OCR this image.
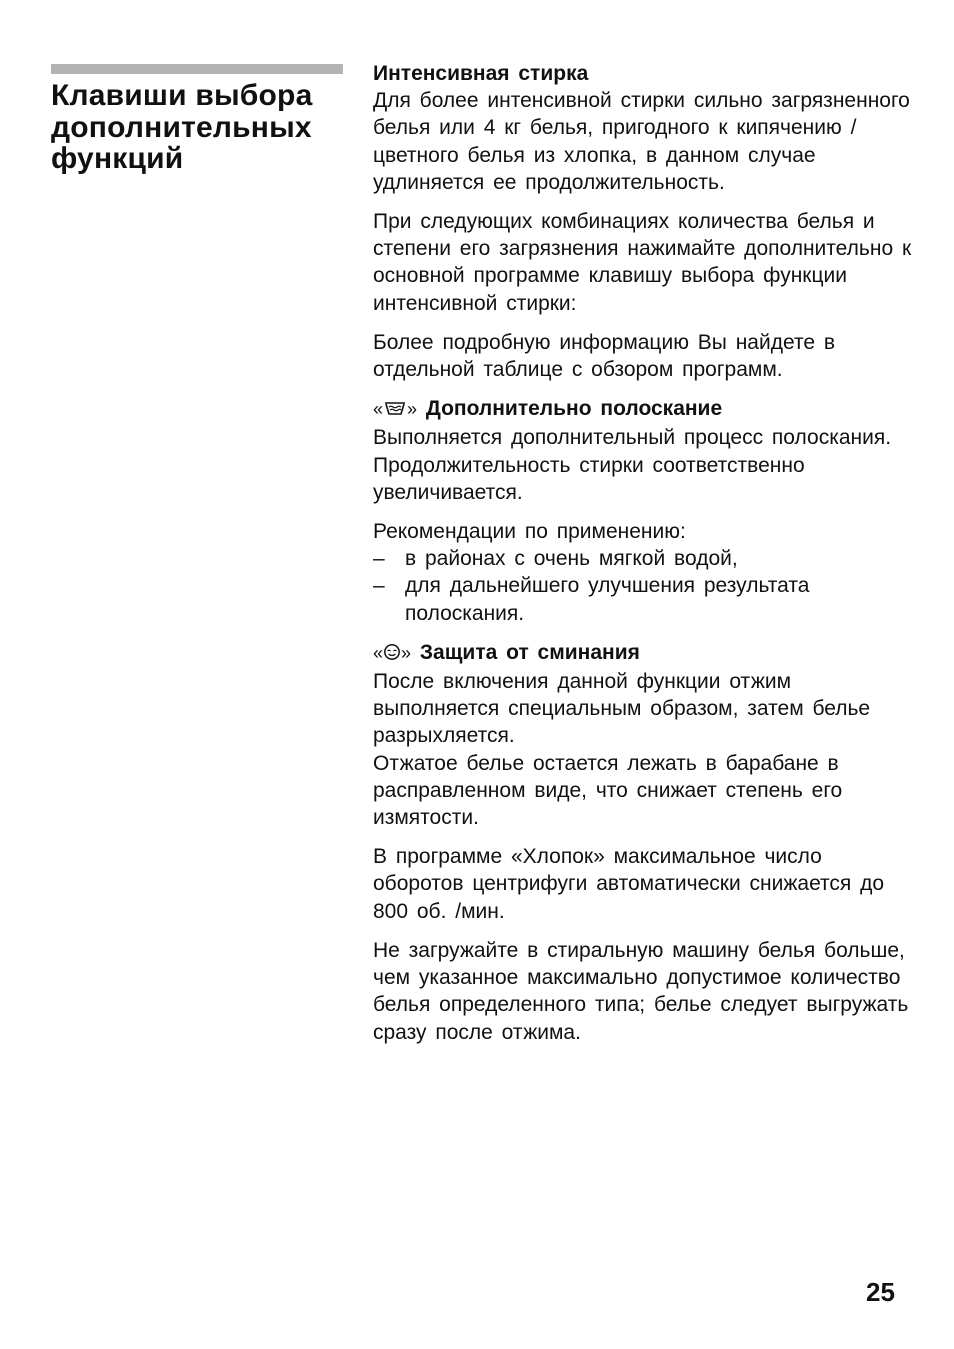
Клавиши выбора дополнительных функций

Интенсивная стирка

Для более интенсивной стирки сильно загрязненного белья или 4 кг белья, пригодного к кипячению / цветного белья из хлопка, в данном случае удлиняется ее продолжительность.

При следующих комбинациях количества белья и степени его загрязнения нажимайте дополнительно к основной программе клавишу выбора функции интенсивной стирки:

Более подробную информацию Вы найдете в отдельной таблице с обзором программ.

« » Дополнительно полоскание

Выполняется дополнительный процесс полоскания. Продолжительность стирки соответственно увеличивается.

Рекомендации по применению:

– в районах с очень мягкой водой,
– для дальнейшего улучшения результата полоскания.

« » Защита от сминания

После включения данной функции отжим выполняется специальным образом, затем белье разрыхляется.

Отжатое белье остается лежать в барабане в расправленном виде, что снижает степень его измятости.

В программе «Хлопок» максимальное число оборотов центрифуги автоматически снижается до 800 об. /мин.

Не загружайте в стиральную машину белья больше, чем указанное максимально допустимое количество белья определенного типа; белье следует выгружать сразу после отжима.

25
